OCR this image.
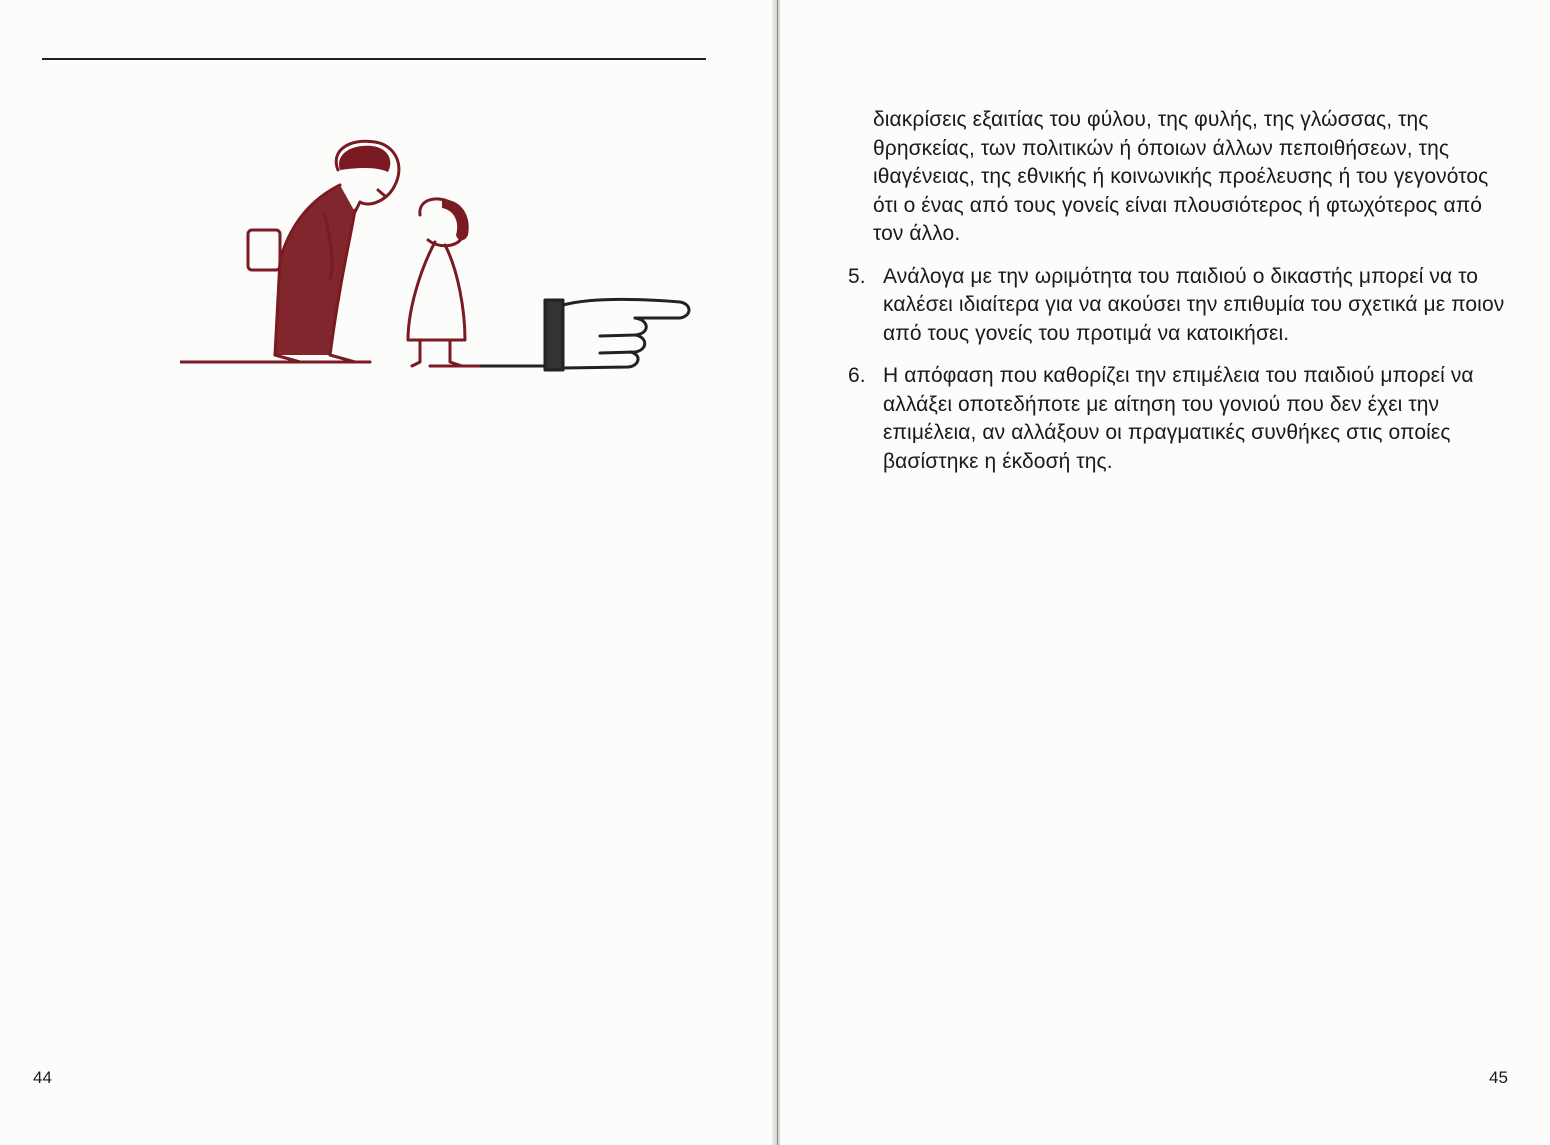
44

διακρίσεις εξαιτίας του φύλου, της φυλής, της γλώσσας, της θρησκείας, των πολιτικών ή όποιων άλλων πεποιθήσεων, της ιθαγένειας, της εθνικής ή κοινωνικής προέλευσης ή του γεγονότος ότι ο ένας από τους γονείς είναι πλουσιότερος ή φτωχότερος από τον άλλο.

5. Ανάλογα με την ωριμότητα του παιδιού ο δικαστής μπορεί να το καλέσει ιδιαίτερα για να ακούσει την επιθυμία του σχετικά με ποιον από τους γονείς του προτιμά να κατοικήσει.
6. Η απόφαση που καθορίζει την επιμέλεια του παιδιού μπορεί να αλλάξει οποτεδήποτε με αίτηση του γονιού που δεν έχει την επιμέλεια, αν αλλάξουν οι πραγματικές συνθήκες στις οποίες βασίστηκε η έκδοσή της.
45
